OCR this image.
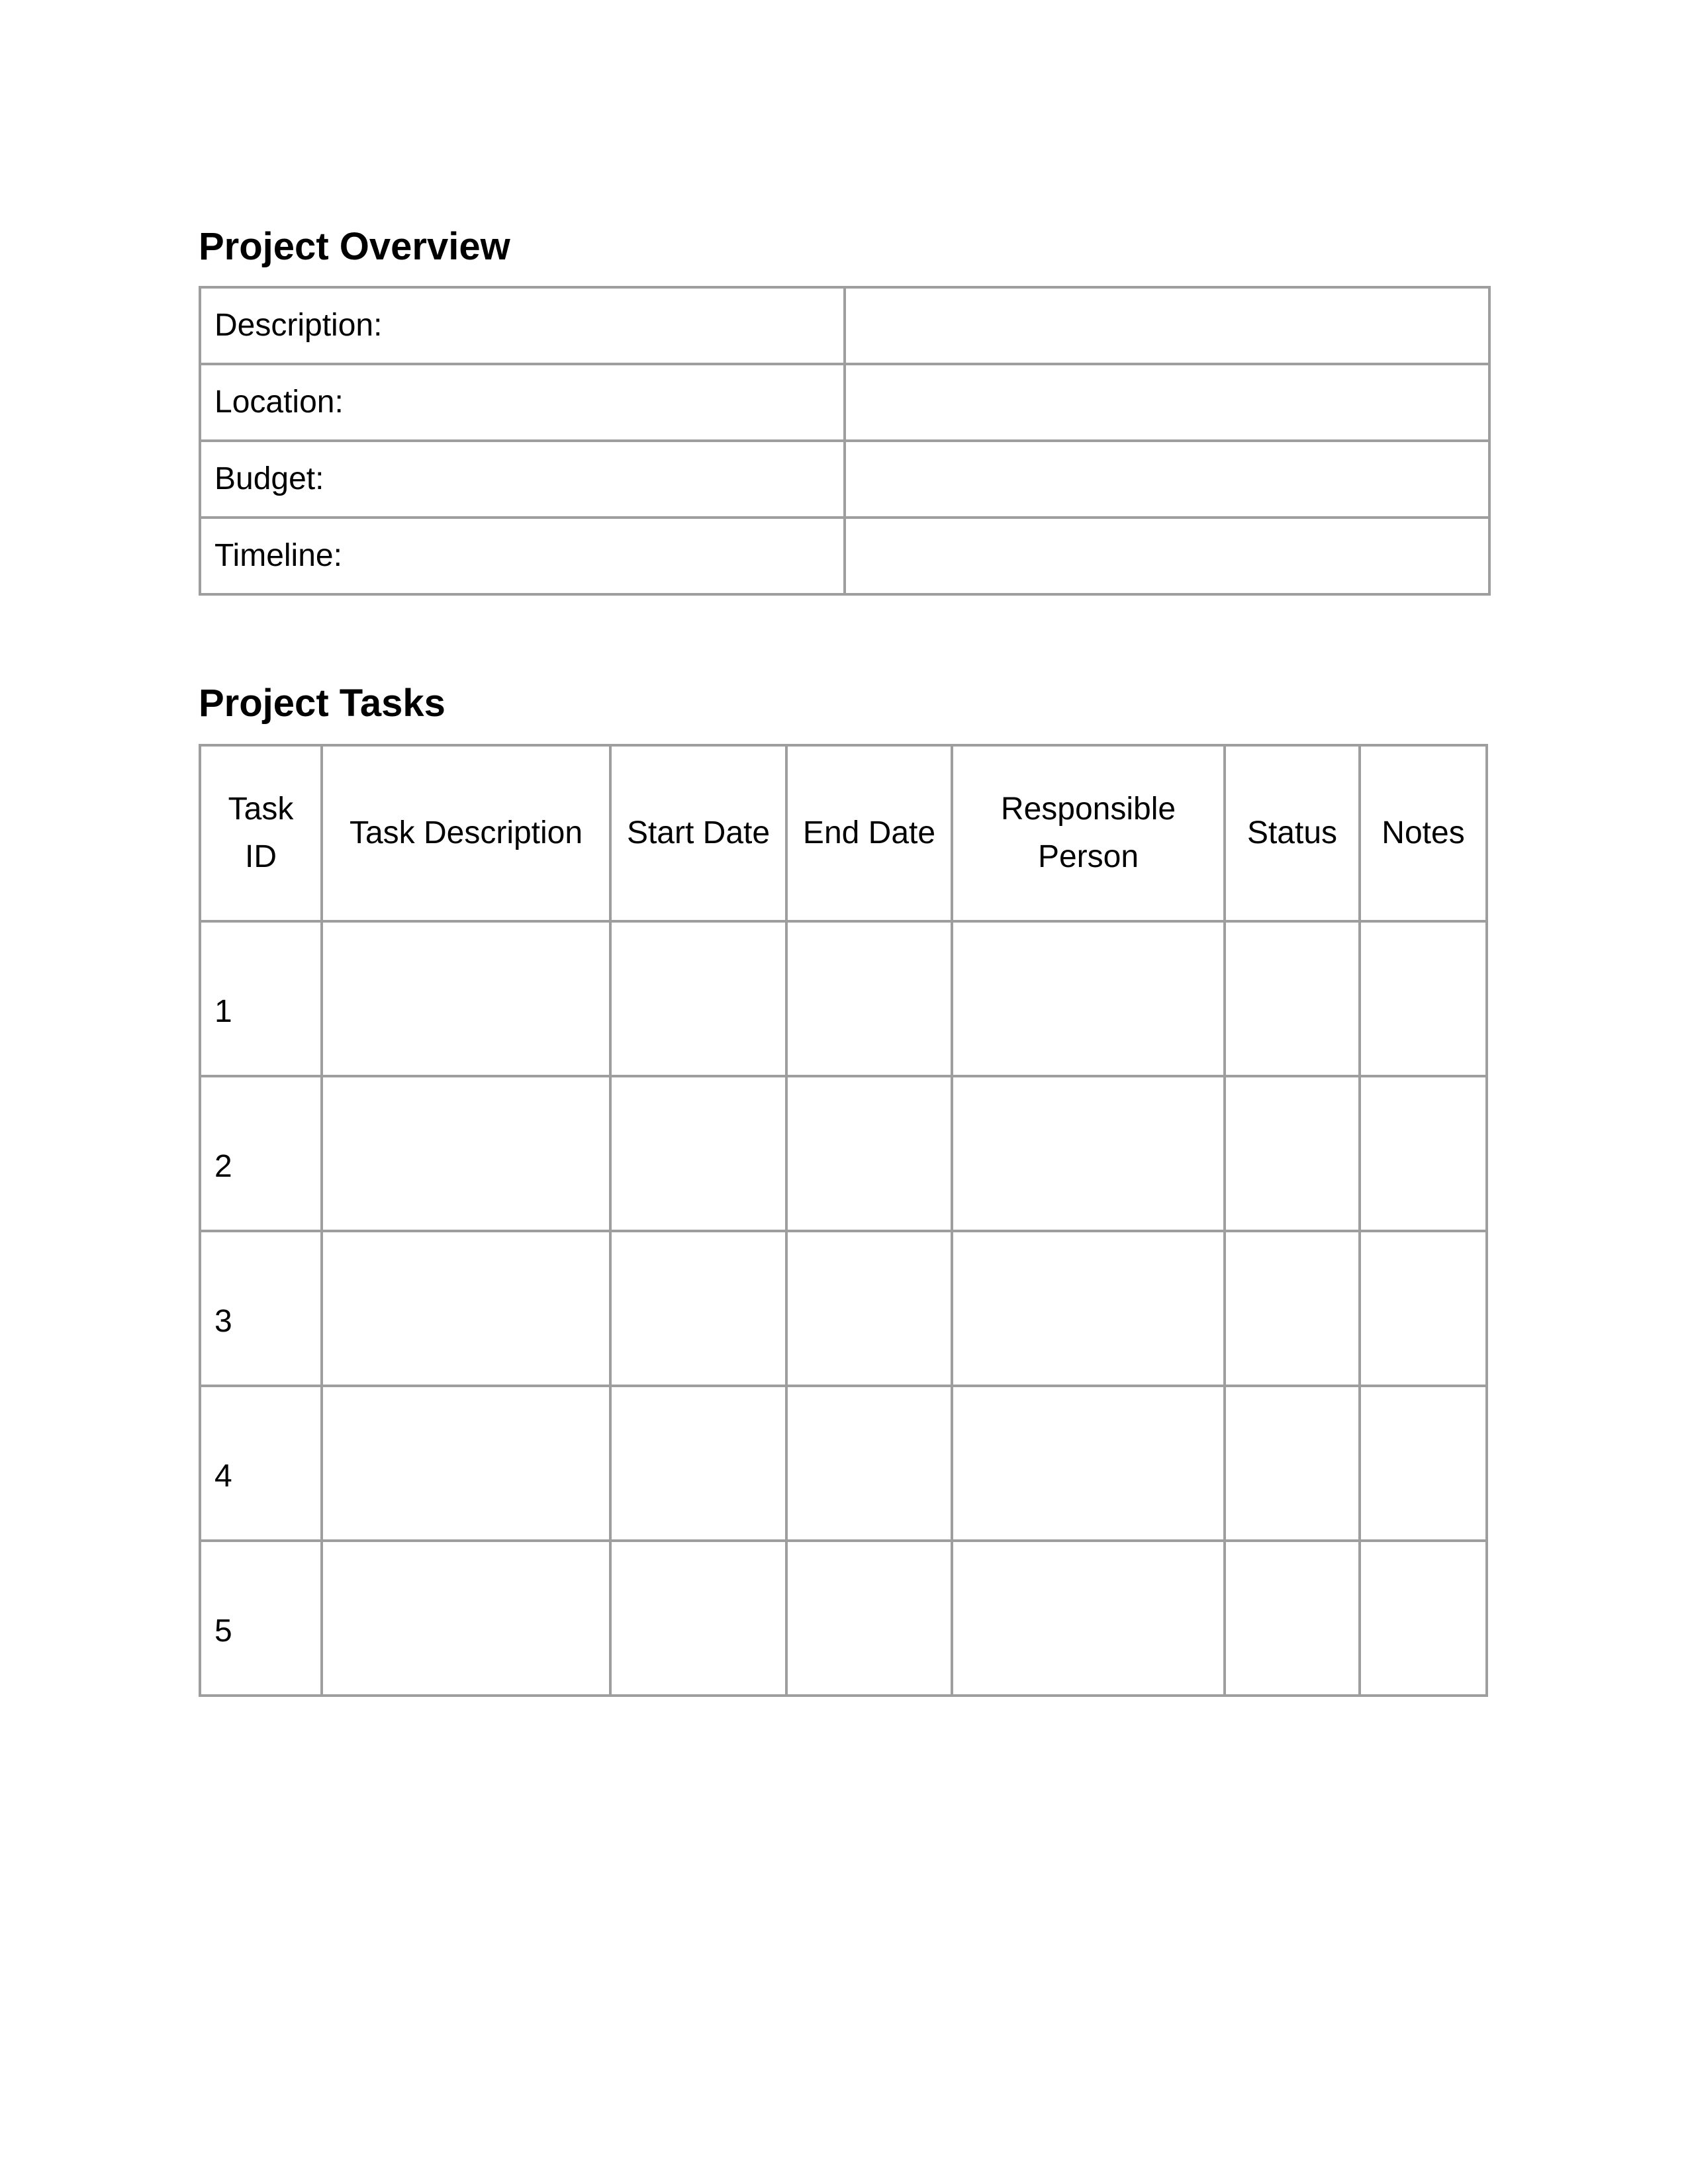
Project Overview
Description:	
Location:	
Budget:	
Timeline:	
Project Tasks
Task ID	Task Description	Start Date	End Date	Responsible Person	Status	Notes
1						
2						
3						
4						
5						
